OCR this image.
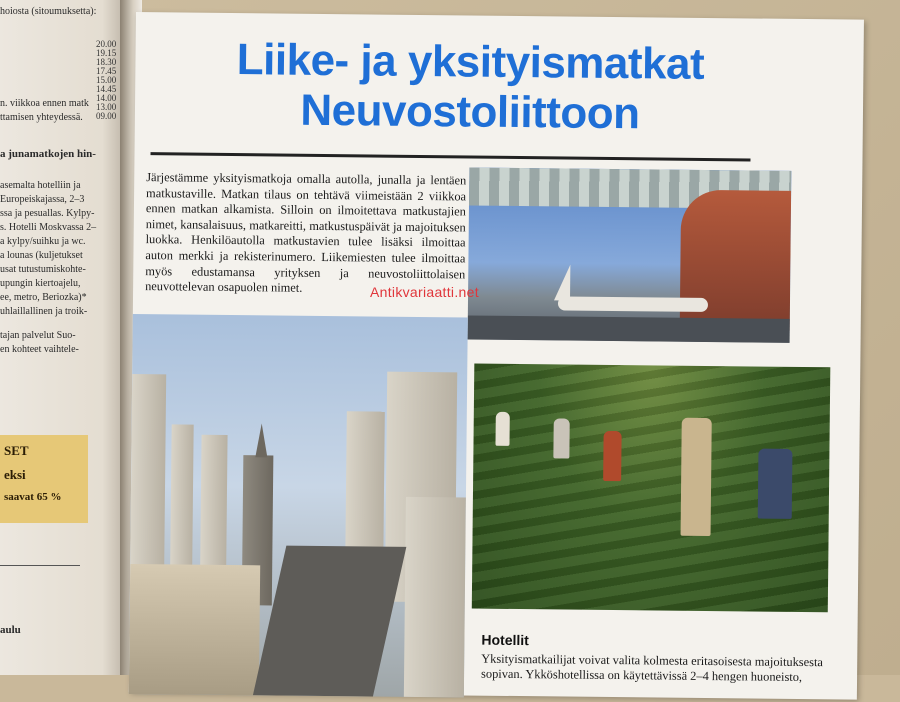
hoiosta (sitoumuksetta):
n. viikkoa ennen matk
ttamisen yhteydessä.
a junamatkojen hin-
asemalta hotelliin ja
Europeiskajassa, 2–3
ssa ja pesuallas. Kylpy-
s. Hotelli Moskvassa 2–
a kylpy/suihku ja wc.
a lounas (kuljetukset
usat tutustumiskohte-
upungin kiertoajelu,
ee, metro, Beriozka)*
uhlaillallinen ja troik-
tajan palvelut Suo-
en kohteet vaihtele-
20.00
19.15
18.30
17.45
15.00
14.45
14.00
13.00
09.00
SET
eksi
saavat 65 %
aulu
Liike- ja yksityismatkat
Neuvostoliittoon
Järjestämme yksityismatkoja omalla autolla, junalla ja lentäen matkustaville. Matkan tilaus on tehtävä viimeistään 2 viikkoa ennen matkan alkamista. Silloin on ilmoitettava matkustajien nimet, kansalaisuus, matkareitti, matkustuspäivät ja majoituksen luokka. Henkilöautolla matkustavien tulee lisäksi ilmoittaa auton merkki ja rekisterinumero. Liikemiesten tulee ilmoittaa myös edustamansa yrityksen ja neuvostoliittolaisen neuvottelevan osapuolen nimet.
Hotellit
Yksityismatkailijat voivat valita kolmesta eritasoisesta majoituksesta sopivan. Ykköshotellissa on käytettävissä 2–4 hengen huoneisto,
Antikvariaatti.net
